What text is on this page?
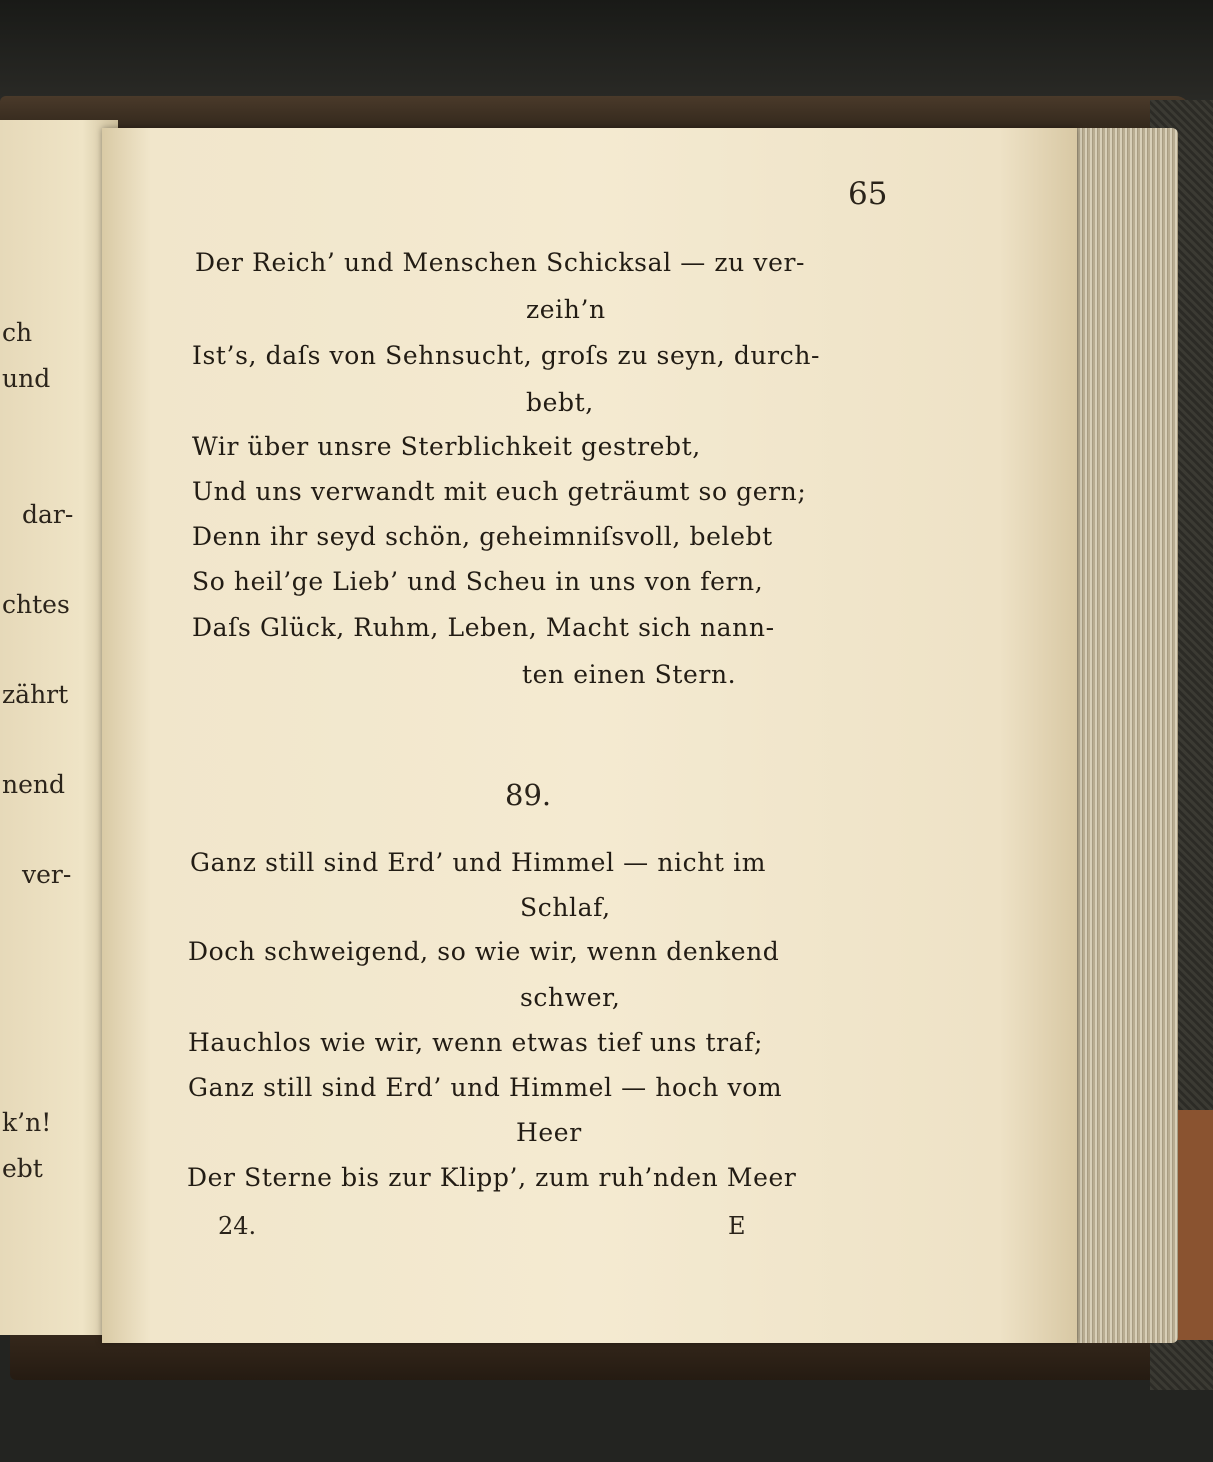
ch
und
dar-
chtes
zährt
nend
ver-
k’n!
ebt
65
Der Reich’ und Menschen Schicksal — zu ver-
zeih’n
Ist’s, daſs von Sehnsucht, groſs zu seyn, durch-
bebt,
Wir über unsre Sterblichkeit gestrebt,
Und uns verwandt mit euch geträumt so gern;
Denn ihr seyd schön, geheimniſsvoll, belebt
So heil’ge Lieb’ und Scheu in uns von fern,
Daſs Glück, Ruhm, Leben, Macht sich nann-
ten einen Stern.
89.
Ganz still sind Erd’ und Himmel — nicht im
Schlaf,
Doch schweigend, so wie wir, wenn denkend
schwer,
Hauchlos wie wir, wenn etwas tief uns traf;
Ganz still sind Erd’ und Himmel — hoch vom
Heer
Der Sterne bis zur Klipp’, zum ruh’nden Meer
24.	E
